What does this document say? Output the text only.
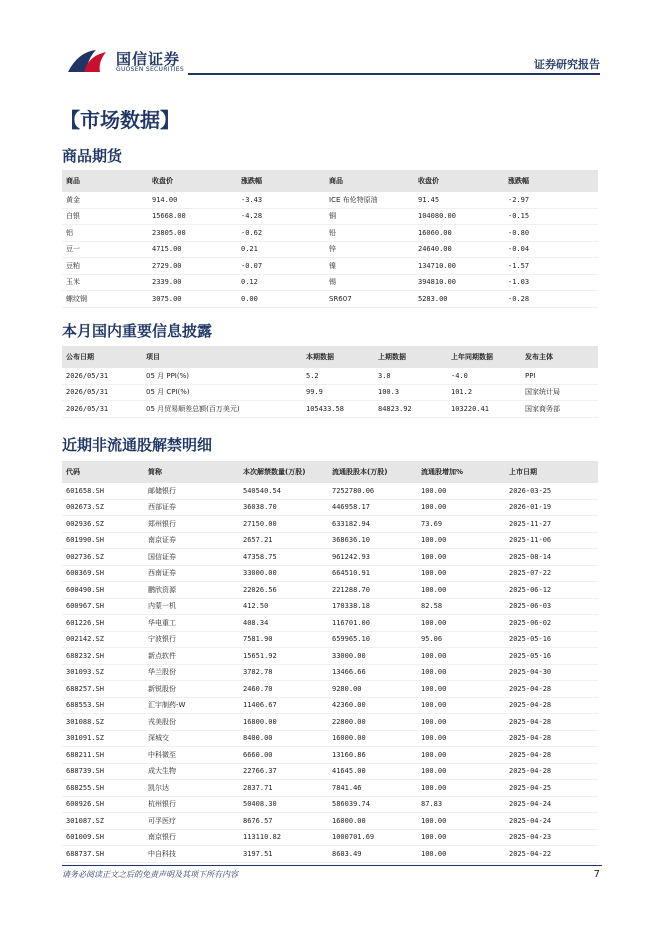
国信证券
GUOSEN SECURITIES	证券研究报告
【市场数据】
商品期货
商品	收盘价	涨跌幅	商品	收盘价	涨跌幅
黄金	914.00	-3.43	ICE 布伦特原油	91.45	-2.97
白银	15668.00	-4.28	铜	104080.00	-0.15
铝	23805.00	-0.62	铅	16060.00	-0.80
豆一	4715.00	0.21	锌	24640.00	-0.04
豆粕	2729.00	-0.07	镍	134710.00	-1.57
玉米	2339.00	0.12	锡	394810.00	-1.03
螺纹钢	3075.00	0.00	SR607	5283.00	-0.28
本月国内重要信息披露
公布日期	项目	本期数据	上期数据	上年同期数据	发布主体
2026/05/31	05 月 PPI(%)	5.2	3.8	-4.0	PPI
2026/05/31	05 月 CPI(%)	99.9	100.3	101.2	国家统计局
2026/05/31	05 月贸易顺差总额(百万美元)	105433.58	84823.92	103220.41	国家商务部
近期非流通股解禁明细
代码	简称	本次解禁数量(万股)	流通股股本(万股)	流通股增加%	上市日期
601658.SH	邮储银行	540540.54	7252780.06	100.00	2026-03-25
002673.SZ	西部证券	36038.70	446958.17	100.00	2026-01-19
002936.SZ	郑州银行	27150.00	633182.94	73.69	2025-11-27
601990.SH	南京证券	2657.21	368636.10	100.00	2025-11-06
002736.SZ	国信证券	47358.75	961242.93	100.00	2025-08-14
600369.SH	西南证券	33000.00	664510.91	100.00	2025-07-22
600490.SH	鹏欣资源	22026.56	221288.70	100.00	2025-06-12
600967.SH	内蒙一机	412.50	170338.18	82.58	2025-06-03
601226.SH	华电重工	408.34	116701.00	100.00	2025-06-02
002142.SZ	宁波银行	7581.90	659965.10	95.06	2025-05-16
688232.SH	新点软件	15651.92	33000.00	100.00	2025-05-16
301093.SZ	华兰股份	3782.78	13466.66	100.00	2025-04-30
688257.SH	新锐股份	2460.70	9280.00	100.00	2025-04-28
688553.SH	汇宇制药-W	11406.67	42360.00	100.00	2025-04-28
301088.SZ	戎美股份	16800.00	22800.00	100.00	2025-04-28
301091.SZ	深城交	8400.00	16000.00	100.00	2025-04-28
688211.SH	中科微至	6660.00	13160.86	100.00	2025-04-28
688739.SH	成大生物	22766.37	41645.00	100.00	2025-04-28
688255.SH	凯尔达	2837.71	7841.46	100.00	2025-04-25
600926.SH	杭州银行	50408.30	586039.74	87.83	2025-04-24
301087.SZ	可孚医疗	8676.57	16000.00	100.00	2025-04-24
601009.SH	南京银行	113110.82	1000701.69	100.00	2025-04-23
688737.SH	中自科技	3197.51	8603.49	100.00	2025-04-22
请务必阅读正文之后的免责声明及其项下所有内容	7
